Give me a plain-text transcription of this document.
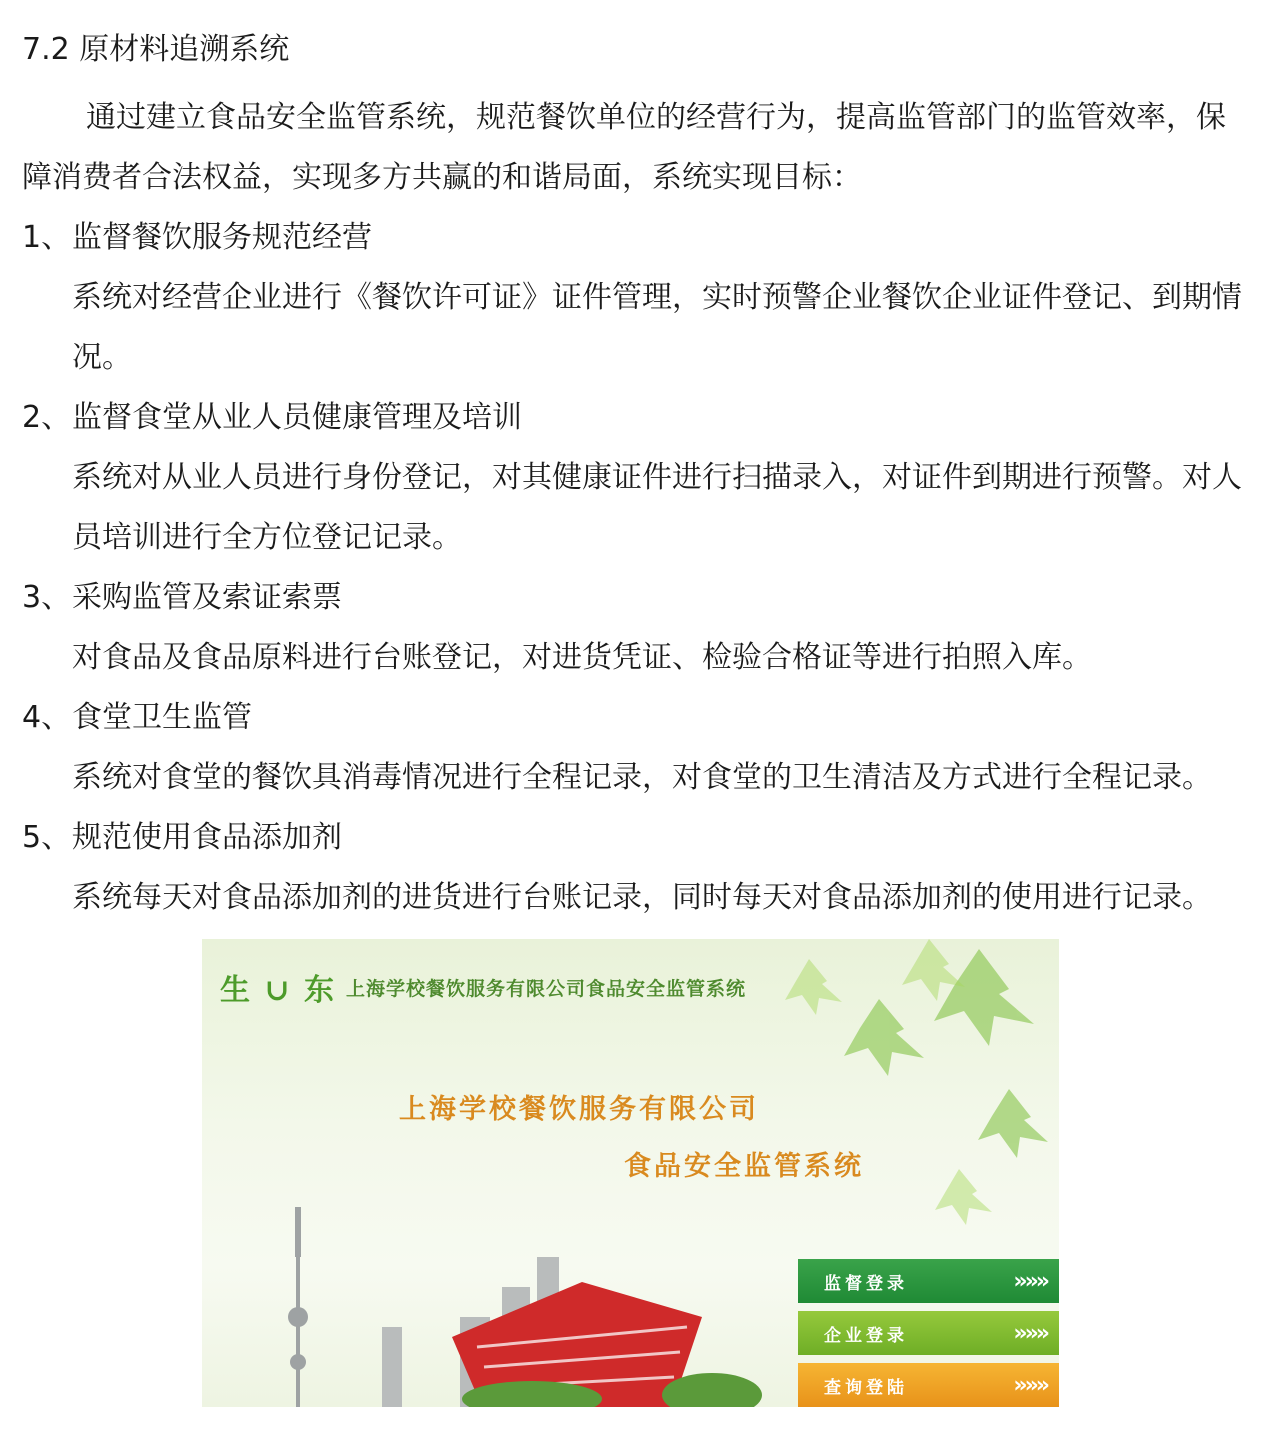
7.2 原材料追溯系统

通过建立食品安全监管系统，规范餐饮单位的经营行为，提高监管部门的监管效率，保障消费者合法权益，实现多方共赢的和谐局面，系统实现目标：

1、监督餐饮服务规范经营

系统对经营企业进行《餐饮许可证》证件管理，实时预警企业餐饮企业证件登记、到期情况。

2、监督食堂从业人员健康管理及培训

系统对从业人员进行身份登记，对其健康证件进行扫描录入，对证件到期进行预警。对人员培训进行全方位登记记录。

3、采购监管及索证索票

对食品及食品原料进行台账登记，对进货凭证、检验合格证等进行拍照入库。

4、食堂卫生监管

系统对食堂的餐饮具消毒情况进行全程记录，对食堂的卫生清洁及方式进行全程记录。

5、规范使用食品添加剂

系统每天对食品添加剂的进货进行台账记录，同时每天对食品添加剂的使用进行记录。

生 ∪ 东 上海学校餐饮服务有限公司食品安全监管系统
上海学校餐饮服务有限公司
食品安全监管系统
监督登录	»»»
企业登录	»»»
查询登陆	»»»
